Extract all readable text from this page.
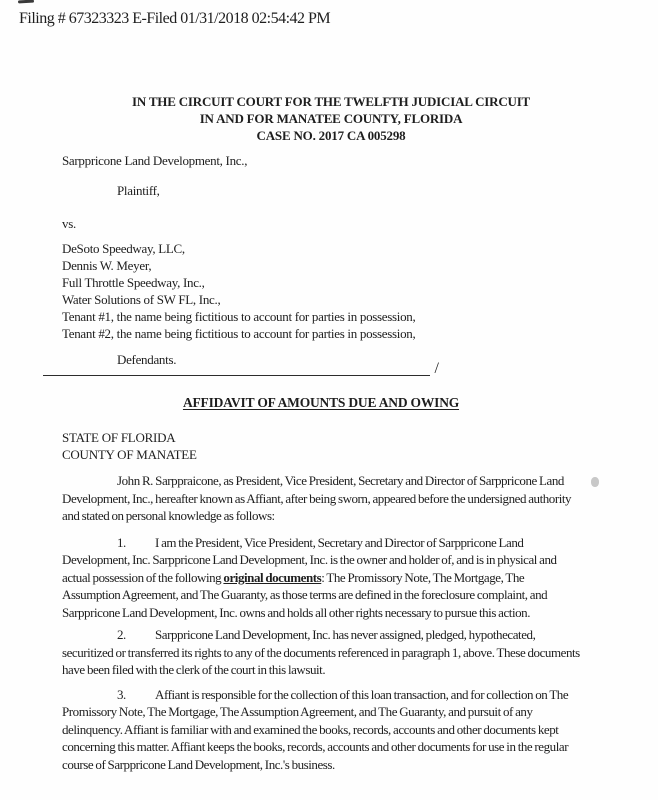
Filing # 67323323 E-Filed 01/31/2018 02:54:42 PM
IN THE CIRCUIT COURT FOR THE TWELFTH JUDICIAL CIRCUIT
IN AND FOR MANATEE COUNTY, FLORIDA
CASE NO. 2017 CA 005298
Sarppricone Land Development, Inc.,
Plaintiff,
vs.
DeSoto Speedway, LLC,
Dennis W. Meyer,
Full Throttle Speedway, Inc.,
Water Solutions of SW FL, Inc.,
Tenant #1, the name being fictitious to account for parties in possession,
Tenant #2, the name being fictitious to account for parties in possession,
Defendants.
/
AFFIDAVIT OF AMOUNTS DUE AND OWING
STATE OF FLORIDA
COUNTY OF MANATEE

John R. Sarppraicone, as President, Vice President, Secretary and Director of Sarppricone Land Development, Inc., hereafter known as Affiant, after being sworn, appeared before the undersigned authority and stated on personal knowledge as follows:

1. I am the President, Vice President, Secretary and Director of Sarppricone Land Development, Inc. Sarppricone Land Development, Inc. is the owner and holder of, and is in physical and actual possession of the following original documents: The Promissory Note, The Mortgage, The Assumption Agreement, and The Guaranty, as those terms are defined in the foreclosure complaint, and Sarppricone Land Development, Inc. owns and holds all other rights necessary to pursue this action.

2. Sarppricone Land Development, Inc. has never assigned, pledged, hypothecated, securitized or transferred its rights to any of the documents referenced in paragraph 1, above. These documents have been filed with the clerk of the court in this lawsuit.

3. Affiant is responsible for the collection of this loan transaction, and for collection on The Promissory Note, The Mortgage, The Assumption Agreement, and The Guaranty, and pursuit of any delinquency. Affiant is familiar with and examined the books, records, accounts and other documents kept concerning this matter. Affiant keeps the books, records, accounts and other documents for use in the regular course of Sarppricone Land Development, Inc.'s business.
